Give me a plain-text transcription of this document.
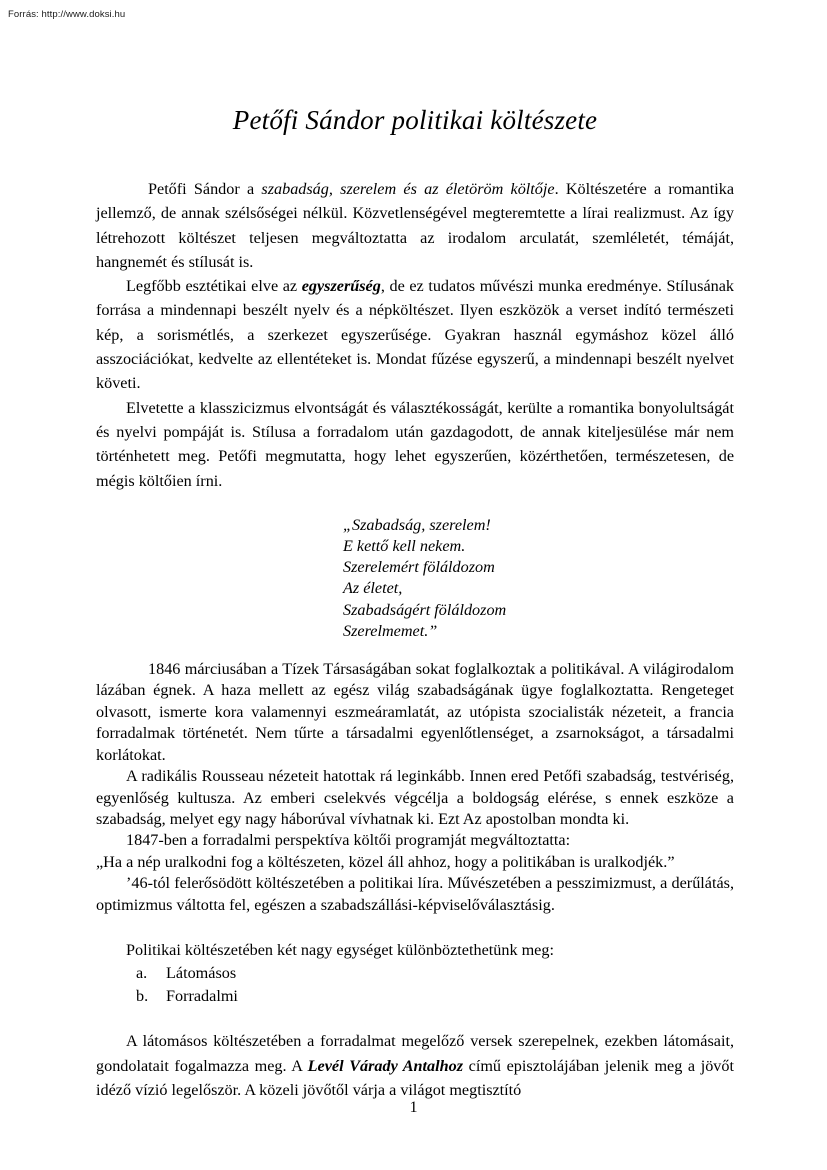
Forrás: http://www.doksi.hu
Petőfi Sándor politikai költészete

Petőfi Sándor a szabadság, szerelem és az életöröm költője. Költészetére a romantika jellemző, de annak szélsőségei nélkül. Közvetlenségével megteremtette a lírai realizmust. Az így létrehozott költészet teljesen megváltoztatta az irodalom arculatát, szemléletét, témáját, hangnemét és stílusát is.

Legfőbb esztétikai elve az egyszerűség, de ez tudatos művészi munka eredménye. Stílusának forrása a mindennapi beszélt nyelv és a népköltészet. Ilyen eszközök a verset indító természeti kép, a sorismétlés, a szerkezet egyszerűsége. Gyakran használ egymáshoz közel álló asszociációkat, kedvelte az ellentéteket is. Mondat fűzése egyszerű, a mindennapi beszélt nyelvet követi.

Elvetette a klasszicizmus elvontságát és választékosságát, kerülte a romantika bonyolultságát és nyelvi pompáját is. Stílusa a forradalom után gazdagodott, de annak kiteljesülése már nem történhetett meg. Petőfi megmutatta, hogy lehet egyszerűen, közérthetően, természetesen, de mégis költőien írni.

„Szabadság, szerelem!
E kettő kell nekem.
Szerelemért föláldozom
Az életet,
Szabadságért föláldozom
Szerelmemet.”

1846 márciusában a Tízek Társaságában sokat foglalkoztak a politikával. A világirodalom lázában égnek. A haza mellett az egész világ szabadságának ügye foglalkoztatta. Rengeteget olvasott, ismerte kora valamennyi eszmeáramlatát, az utópista szocialisták nézeteit, a francia forradalmak történetét. Nem tűrte a társadalmi egyenlőtlenséget, a zsarnokságot, a társadalmi korlátokat.

A radikális Rousseau nézeteit hatottak rá leginkább. Innen ered Petőfi szabadság, testvériség, egyenlőség kultusza. Az emberi cselekvés végcélja a boldogság elérése, s ennek eszköze a szabadság, melyet egy nagy háborúval vívhatnak ki. Ezt Az apostolban mondta ki.

1847-ben a forradalmi perspektíva költői programját megváltoztatta:

„Ha a nép uralkodni fog a költészeten, közel áll ahhoz, hogy a politikában is uralkodjék.”

’46-tól felerősödött költészetében a politikai líra. Művészetében a pesszimizmust, a derűlátás, optimizmus váltotta fel, egészen a szabadszállási-képviselőválasztásig.

Politikai költészetében két nagy egységet különböztethetünk meg:

a.	Látomásos
b.	Forradalmi

A látomásos költészetében a forradalmat megelőző versek szerepelnek, ezekben látomásait, gondolatait fogalmazza meg. A Levél Várady Antalhoz című episztolájában jelenik meg a jövőt idéző vízió legelőször. A közeli jövőtől várja a világot megtisztító

1
